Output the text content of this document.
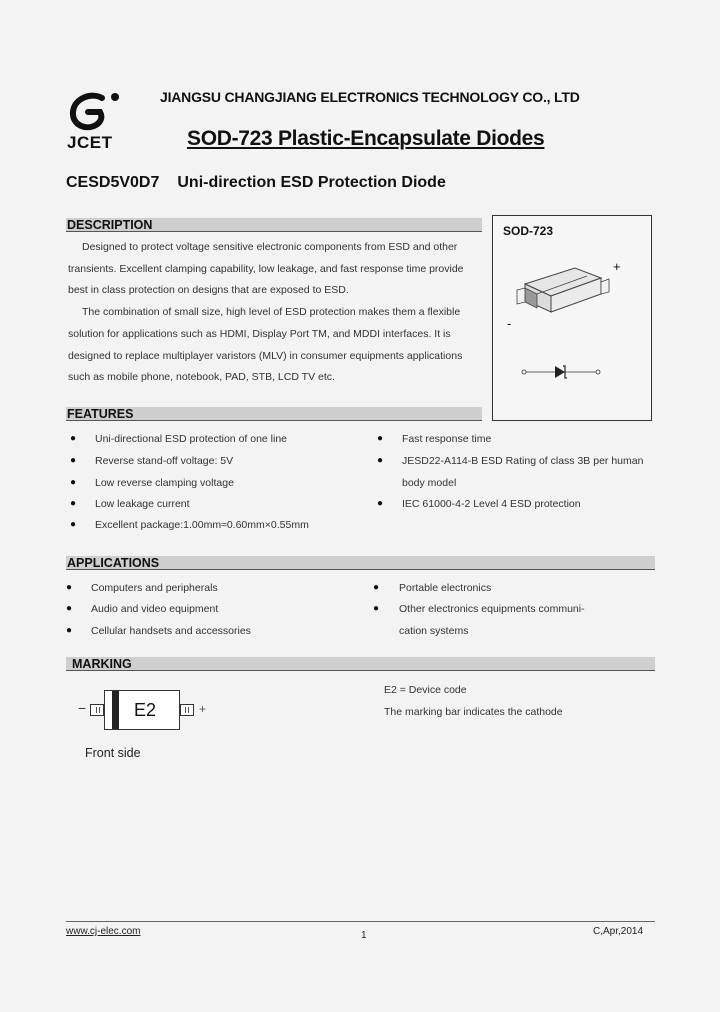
JCET
JIANGSU CHANGJIANG ELECTRONICS TECHNOLOGY CO., LTD
SOD-723 Plastic-Encapsulate Diodes
CESD5V0D7 Uni-direction ESD Protection Diode
DESCRIPTION
Designed to protect voltage sensitive electronic components from ESD and other
transients. Excellent clamping capability, low leakage, and fast response time provide
best in class protection on designs that are exposed to ESD.
The combination of small size, high level of ESD protection makes them a flexible
solution for applications such as HDMI, Display Port TM, and MDDI interfaces. It is
designed to replace multiplayer varistors (MLV) in consumer equipments applications
such as mobile phone, notebook, PAD, STB, LCD TV etc.
SOD-723
+
-
FEATURES
● Uni-directional ESD protection of one line
● Reverse stand-off voltage: 5V
● Low reverse clamping voltage
● Low leakage current
● Excellent package:1.00mm≈0.60mm×0.55mm
● Fast response time
● JESD22-A114-B ESD Rating of class 3B per human
body model
● IEC 61000-4-2 Level 4 ESD protection
APPLICATIONS
● Computers and peripherals
● Audio and video equipment
● Cellular handsets and accessories
● Portable electronics
● Other electronics equipments communi-
cation systems
MARKING
−	+
E2
Front side
E2 = Device code
The marking bar indicates the cathode
www.cj-elec.com	1	C,Apr,2014
